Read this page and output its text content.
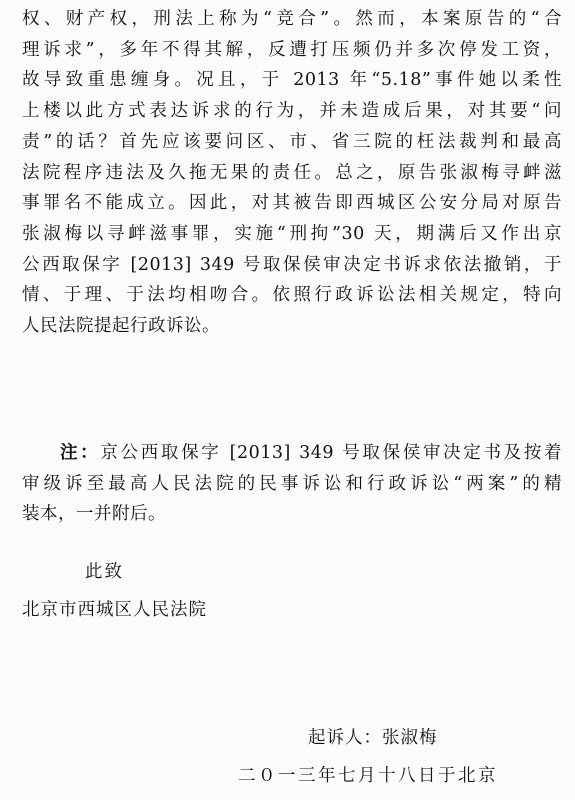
权、财产权，刑法上称为“竞合”。然而，本案原告的“合
理诉求”，多年不得其解，反遭打压频仍并多次停发工资，
故导致重患缠身。况且，于 2013 年“5.18”事件她以柔性
上楼以此方式表达诉求的行为，并未造成后果，对其要“问
责”的话？首先应该要问区、市、省三院的枉法裁判和最高
法院程序违法及久拖无果的责任。总之，原告张淑梅寻衅滋
事罪名不能成立。因此，对其被告即西城区公安分局对原告
张淑梅以寻衅滋事罪，实施“刑拘”30 天，期满后又作出京
公西取保字 [2013] 349 号取保侯审决定书诉求依法撤销，于
情、于理、于法均相吻合。依照行政诉讼法相关规定，特向
人民法院提起行政诉讼。
注：京公西取保字 [2013] 349 号取保侯审决定书及按着
审级诉至最高人民法院的民事诉讼和行政诉讼“两案”的精
装本，一并附后。
此致
北京市西城区人民法院
起诉人：张淑梅
二０一三年七月十八日于北京
